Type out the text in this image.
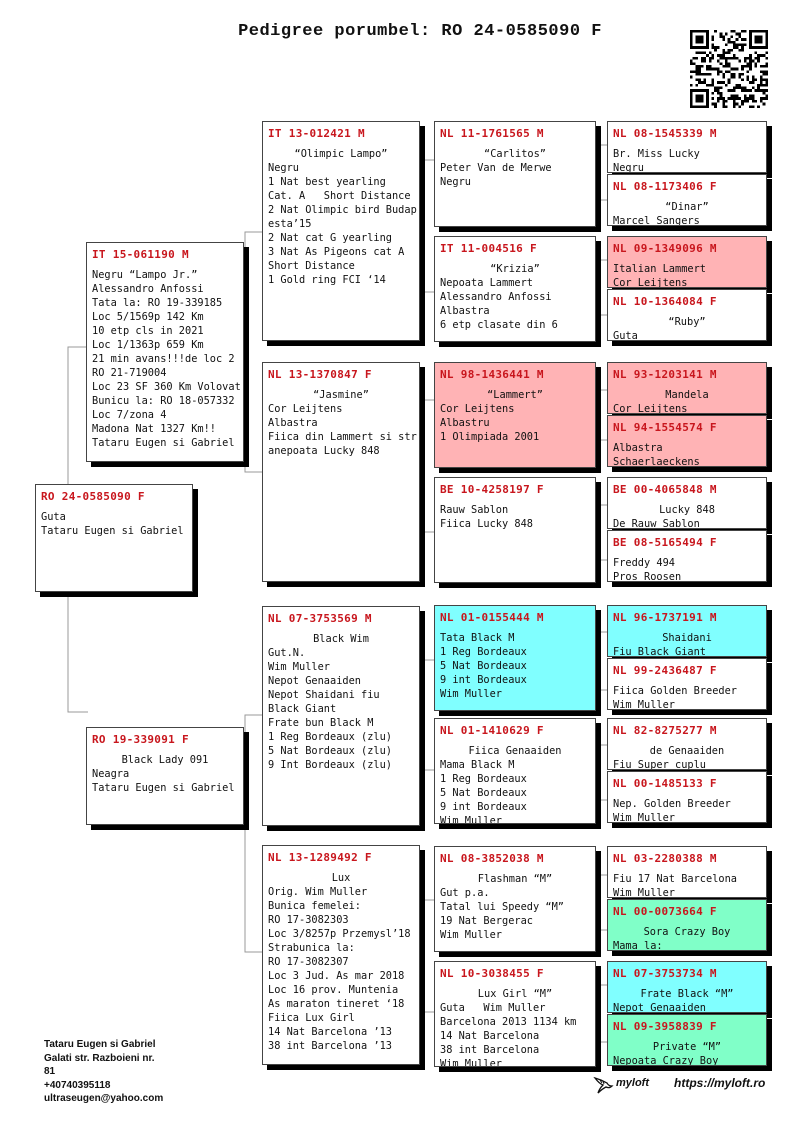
Pedigree porumbel: RO 24-0585090 F
RO 24-0585090 F
Guta
Tataru Eugen si Gabriel
IT 15-061190 M
Negru “Lampo Jr.”
Alessandro Anfossi
Tata la: RO 19-339185
Loc 5/1569p 142 Km
10 etp cls in 2021
Loc 1/1363p 659 Km
21 min avans!!!de loc 2
RO 21-719004
Loc 23 SF 360 Km Volovat
Bunicu la: RO 18-057332
Loc 7/zona 4
Madona Nat 1327 Km!!
Tataru Eugen si Gabriel
RO 19-339091 F
Black Lady 091
Neagra
Tataru Eugen si Gabriel
IT 13-012421 M
“Olimpic Lampo”
Negru
1 Nat best yearling
Cat. A   Short Distance
2 Nat Olimpic bird Budap
esta’15
2 Nat cat G yearling
3 Nat As Pigeons cat A
Short Distance
1 Gold ring FCI ‘14
NL 13-1370847 F
“Jasmine”
Cor Leijtens
Albastra
Fiica din Lammert si str
anepoata Lucky 848
NL 07-3753569 M
Black Wim
Gut.N.
Wim Muller
Nepot Genaaiden
Nepot Shaidani fiu
Black Giant
Frate bun Black M
1 Reg Bordeaux (zlu)
5 Nat Bordeaux (zlu)
9 Int Bordeaux (zlu)
NL 13-1289492 F
Lux
Orig. Wim Muller
Bunica femelei:
RO 17-3082303
Loc 3/8257p Przemysl’18
Strabunica la:
RO 17-3082307
Loc 3 Jud. As mar 2018
Loc 16 prov. Muntenia
As maraton tineret ‘18
Fiica Lux Girl
14 Nat Barcelona ’13
38 int Barcelona ’13
NL 11-1761565 M
“Carlitos”
Peter Van de Merwe
Negru
IT 11-004516 F
“Krizia”
Nepoata Lammert
Alessandro Anfossi
Albastra
6 etp clasate din 6
NL 98-1436441 M
“Lammert”
Cor Leijtens
Albastru
1 Olimpiada 2001
BE 10-4258197 F
Rauw Sablon
Fiica Lucky 848
NL 01-0155444 M
Tata Black M
1 Reg Bordeaux
5 Nat Bordeaux
9 int Bordeaux
Wim Muller
NL 01-1410629 F
Fiica Genaaiden
Mama Black M
1 Reg Bordeaux
5 Nat Bordeaux
9 int Bordeaux
Wim Muller
NL 08-3852038 M
Flashman “M”
Gut p.a.
Tatal lui Speedy “M”
19 Nat Bergerac
Wim Muller
NL 10-3038455 F
Lux Girl “M”
Guta   Wim Muller
Barcelona 2013 1134 km
14 Nat Barcelona
38 int Barcelona
Wim Muller
NL 08-1545339 M
Br. Miss Lucky
Negru
NL 08-1173406 F
“Dinar”
Marcel Sangers
NL 09-1349096 M
Italian Lammert
Cor Leijtens
NL 10-1364084 F
“Ruby”
Guta
NL 93-1203141 M
Mandela
Cor Leijtens
NL 94-1554574 F
Albastra
Schaerlaeckens
BE 00-4065848 M
Lucky 848
De Rauw Sablon
BE 08-5165494 F
Freddy 494
Pros Roosen
NL 96-1737191 M
Shaidani
Fiu Black Giant
NL 99-2436487 F
Fiica Golden Breeder
Wim Muller
NL 82-8275277 M
de Genaaiden
Fiu Super cuplu
NL 00-1485133 F
Nep. Golden Breeder
Wim Muller
NL 03-2280388 M
Fiu 17 Nat Barcelona
Wim Muller
NL 00-0073664 F
Sora Crazy Boy
Mama la:
NL 07-3753734 M
Frate Black “M”
Nepot Genaaiden
NL 09-3958839 F
Private “M”
Nepoata Crazy Boy
Tataru Eugen si Gabriel
Galati str. Razboieni nr.
81
+40740395118
ultraseugen@yahoo.com
myloft https://myloft.ro
